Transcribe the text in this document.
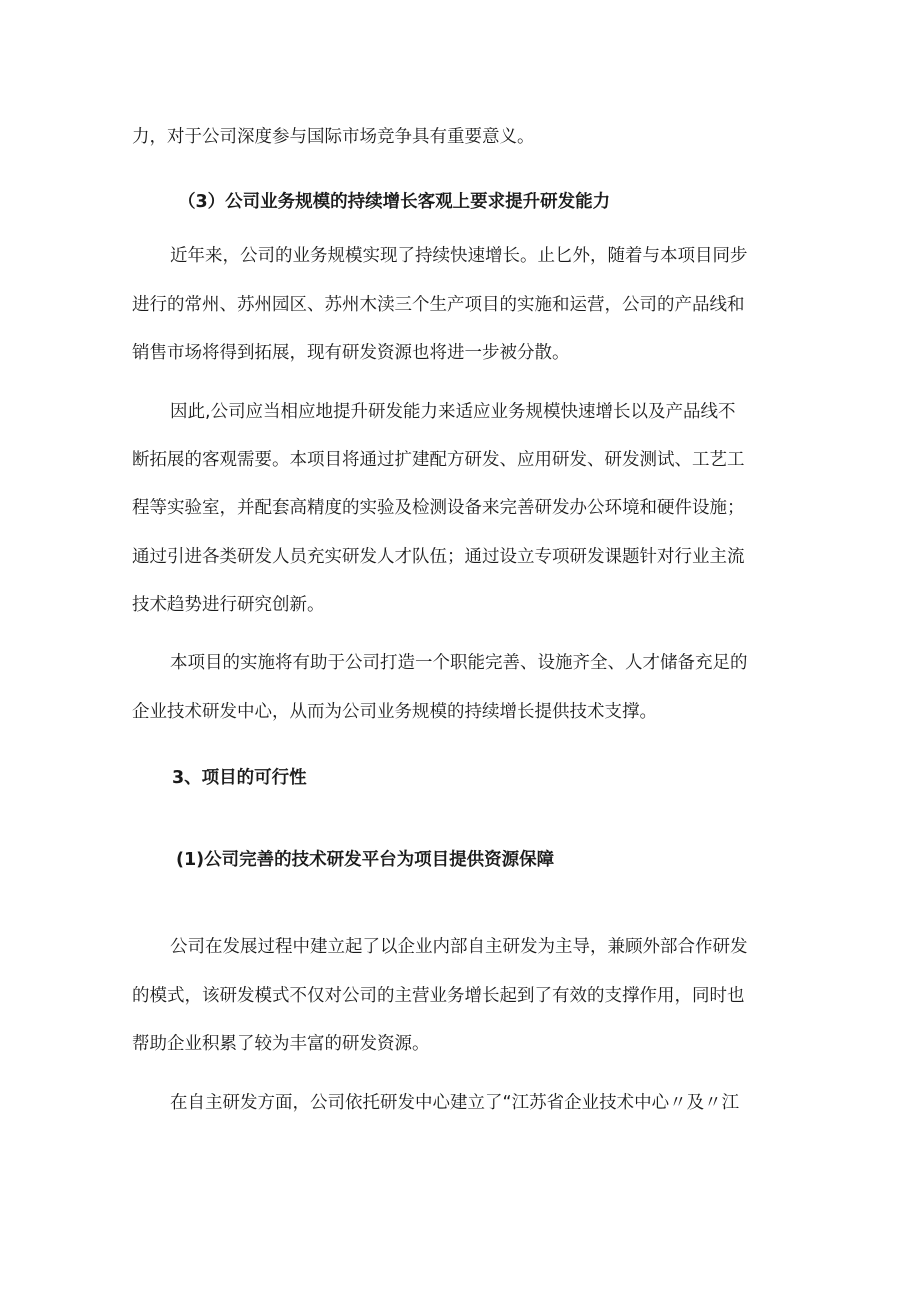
力，对于公司深度参与国际市场竞争具有重要意义。
（3）公司业务规模的持续增长客观上要求提升研发能力
近年来，公司的业务规模实现了持续快速增长。止匕外，随着与本项目同步
进行的常州、苏州园区、苏州木渎三个生产项目的实施和运营，公司的产品线和
销售市场将得到拓展，现有研发资源也将进一步被分散。
因此,公司应当相应地提升研发能力来适应业务规模快速增长以及产品线不
断拓展的客观需要。本项目将通过扩建配方研发、应用研发、研发测试、工艺工
程等实验室，并配套高精度的实验及检测设备来完善研发办公环境和硬件设施；
通过引进各类研发人员充实研发人才队伍；通过设立专项研发课题针对行业主流
技术趋势进行研究创新。
本项目的实施将有助于公司打造一个职能完善、设施齐全、人才储备充足的
企业技术研发中心，从而为公司业务规模的持续增长提供技术支撑。
3、项目的可行性
(1)公司完善的技术研发平台为项目提供资源保障
公司在发展过程中建立起了以企业内部自主研发为主导，兼顾外部合作研发
的模式，该研发模式不仅对公司的主营业务增长起到了有效的支撑作用，同时也
帮助企业积累了较为丰富的研发资源。
在自主研发方面，公司依托研发中心建立了“江苏省企业技术中心〃及〃江
